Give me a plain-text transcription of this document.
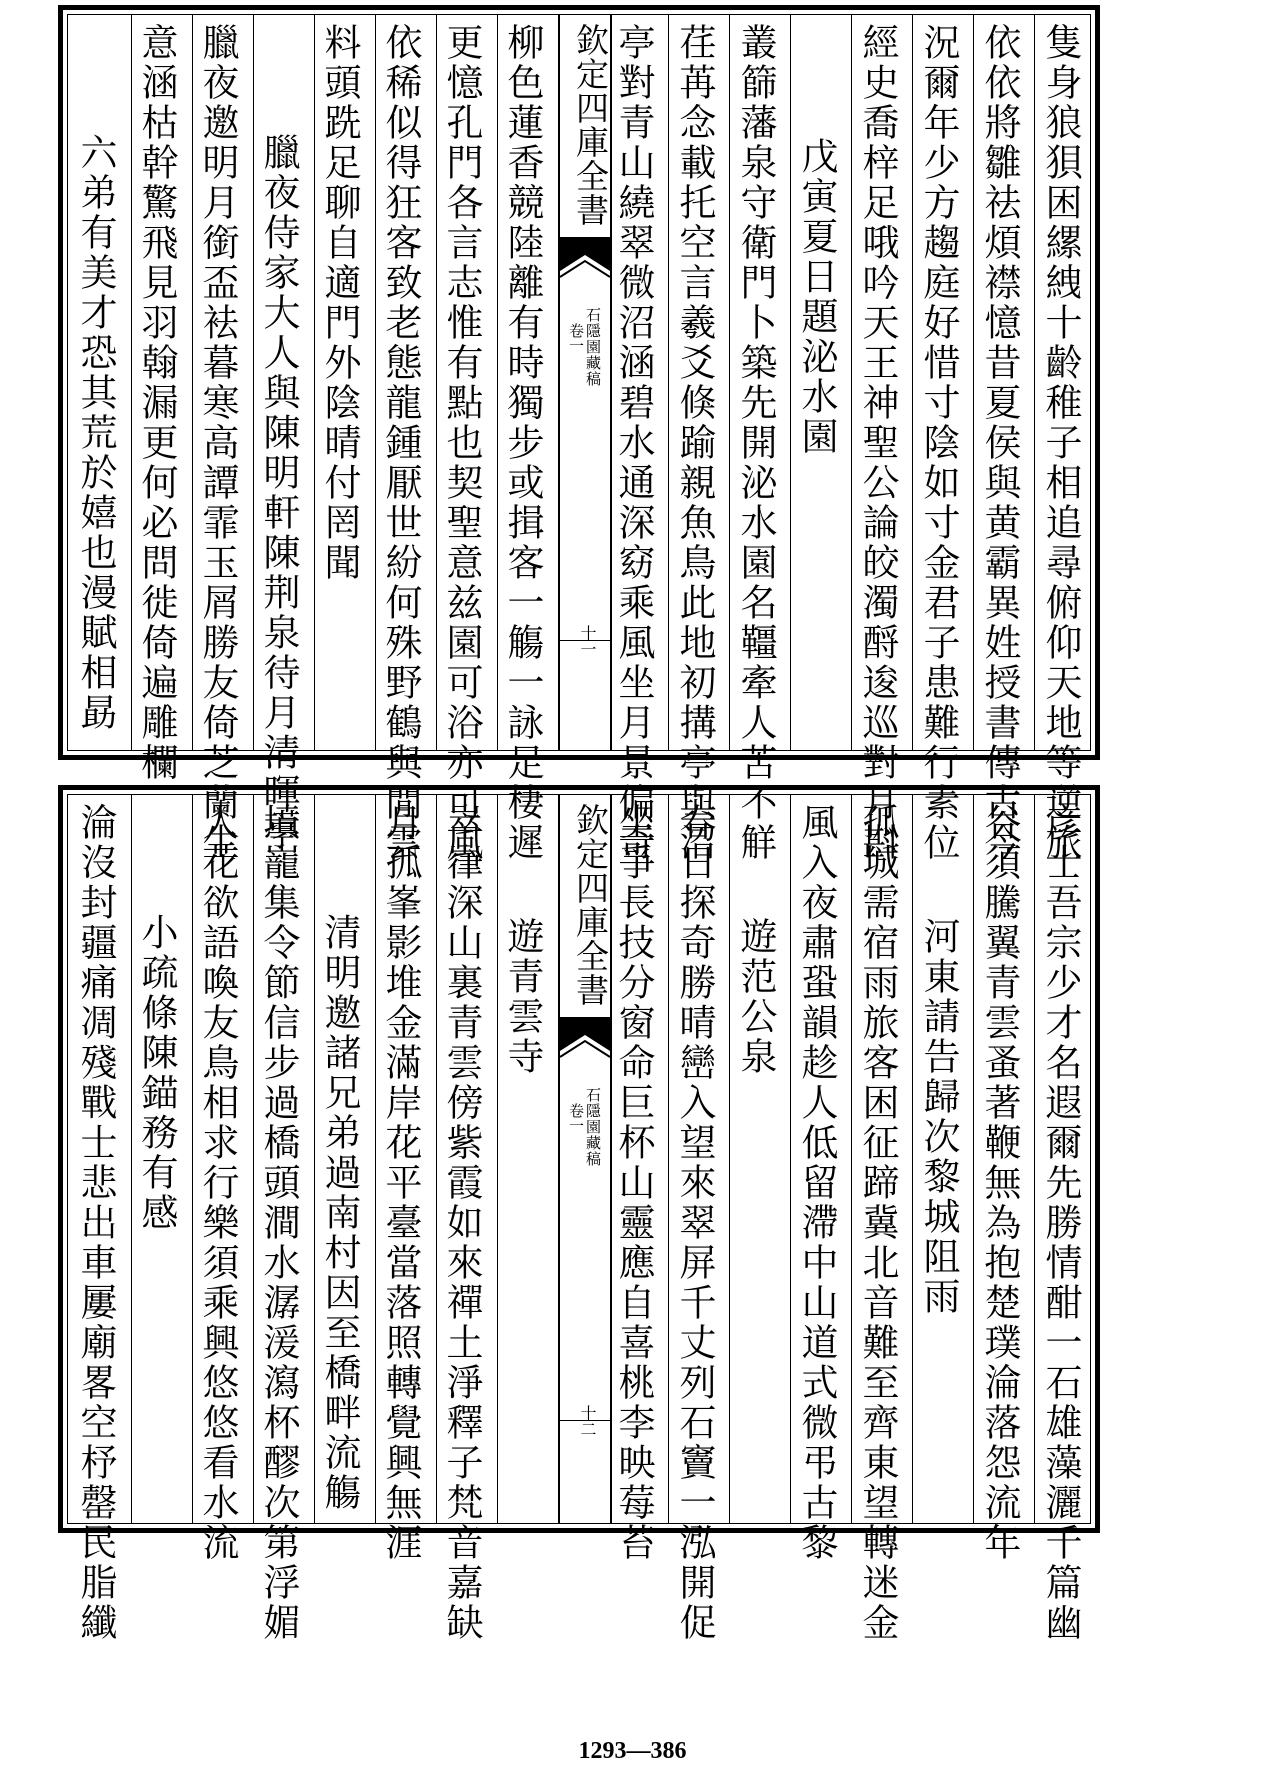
隻身狼狽困縲絏十齡稚子相追尋俯仰天地等逆旅
依依將雛祛煩襟憶昔夏侯與黄霸異姓授書傳古今
況爾年少方趨庭好惜寸陰如寸金君子患難行素位
經史喬梓足哦吟天王神聖公論皎濁酹逡巡對月斟
戊寅夏日題泌水園
叢篩藩泉守衛門卜築先開泌水園名韁牽人苦不觧
荏苒念載托空言羲爻倏踰親魚鳥此地初搆亭與沼
亭對青山繞翠微沼涵碧水通深窈乘風坐月景偏奇
欽定四庫全書
石隱園藏稿
卷一
十一
柳色蓮香競陸離有時獨步或揖客一觴一詠足棲遲
更憶孔門各言志惟有點也契聖意兹園可浴亦可風
依稀似得狂客致老態龍鍾厭世紛何殊野鶴與閒雲
料頭跣足聊自適門外陰晴付罔聞
臘夜侍家大人與陳明軒陳荆泉待月清暉亭
臘夜邀明月銜盃袪暮寒高譚霏玉屑勝友倚芝蘭生
意涵枯幹驚飛見羽翰漏更何必問徙倚遍雕欄
六弟有美才恐其荒於嬉也漫賦相勗
彦士吾宗少才名遐爾先勝情酣一石雄藻灑千篇幽
谷須騰翼青雲蚤著鞭無為抱楚璞淪落怨流年
河東請告歸次黎城阻雨
孤城需宿雨旅客困征蹄冀北音難至齊東望轉迷金
風入夜肅蛩韻趁人低留滯中山道式微弔古黎
遊范公泉
春日探奇勝晴巒入望來翠屏千丈列石竇一泓開促
坐爭長技分窗命巨杯山靈應自喜桃李映莓苔
欽定四庫全書
石隱園藏稿
卷一
十二
遊青雲寺
崒嵂深山裏青雲傍紫霞如來禪土淨釋子梵音嘉缺
月孤峯影堆金滿岸花平臺當落照轉覺興無涯
清明邀諸兄弟過南村因至橋畔流觴
墳巃集令節信步過橋頭澗水潺湲瀉杯醪次第浮媚
人花欲語喚友鳥相求行樂須乘興悠悠看水流
小疏條陳錨務有感
淪沒封疆痛凋殘戰士悲出車屢廟畧空杼罄民脂纖
1293—386
